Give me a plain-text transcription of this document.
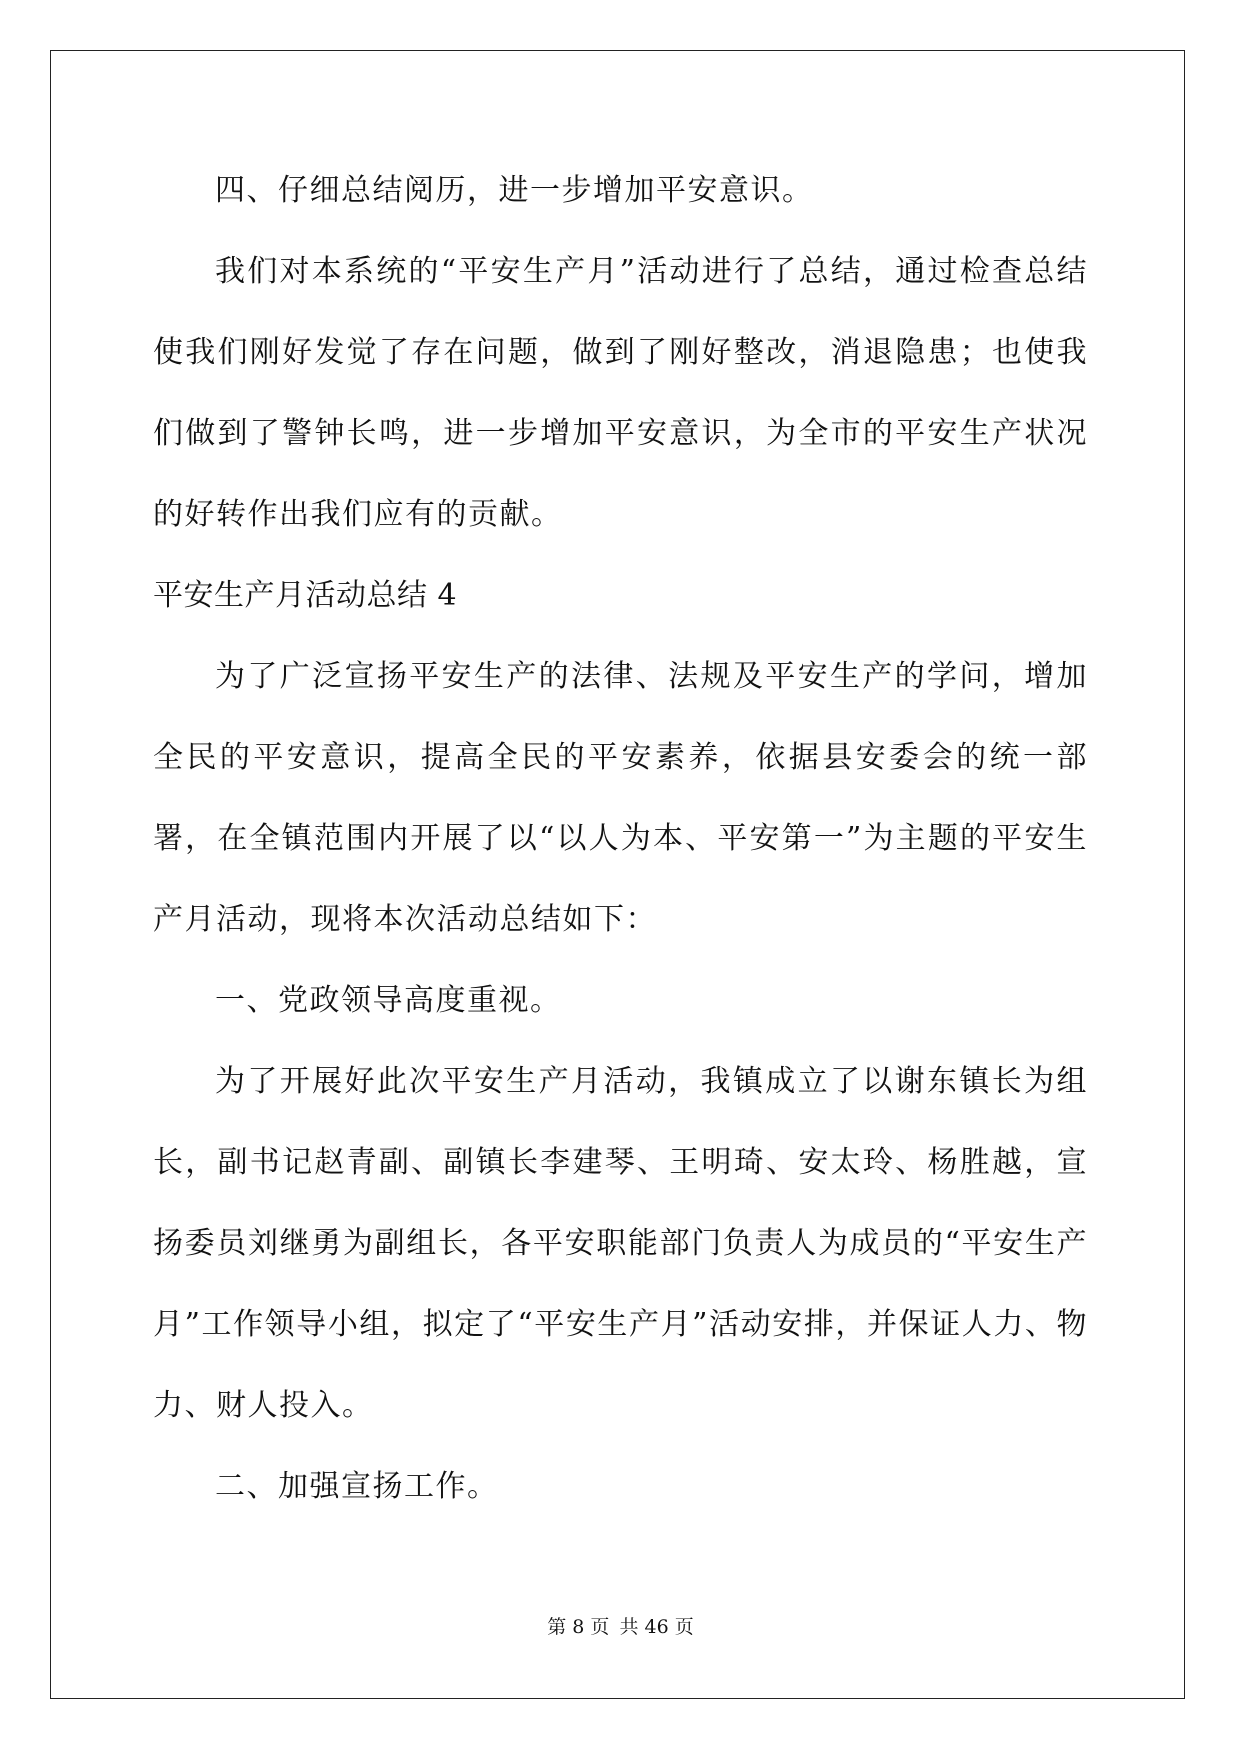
四、仔细总结阅历，进一步增加平安意识。

我们对本系统的“平安生产月”活动进行了总结，通过检查总结使我们刚好发觉了存在问题，做到了刚好整改，消退隐患；也使我们做到了警钟长鸣，进一步增加平安意识，为全市的平安生产状况的好转作出我们应有的贡献。

平安生产月活动总结 4

为了广泛宣扬平安生产的法律、法规及平安生产的学问，增加全民的平安意识，提高全民的平安素养，依据县安委会的统一部署，在全镇范围内开展了以“以人为本、平安第一”为主题的平安生产月活动，现将本次活动总结如下：

一、党政领导高度重视。

为了开展好此次平安生产月活动，我镇成立了以谢东镇长为组长，副书记赵青副、副镇长李建琴、王明琦、安太玲、杨胜越，宣扬委员刘继勇为副组长，各平安职能部门负责人为成员的“平安生产月”工作领导小组，拟定了“平安生产月”活动安排，并保证人力、物力、财人投入。

二、加强宣扬工作。

第 8 页 共 46 页
